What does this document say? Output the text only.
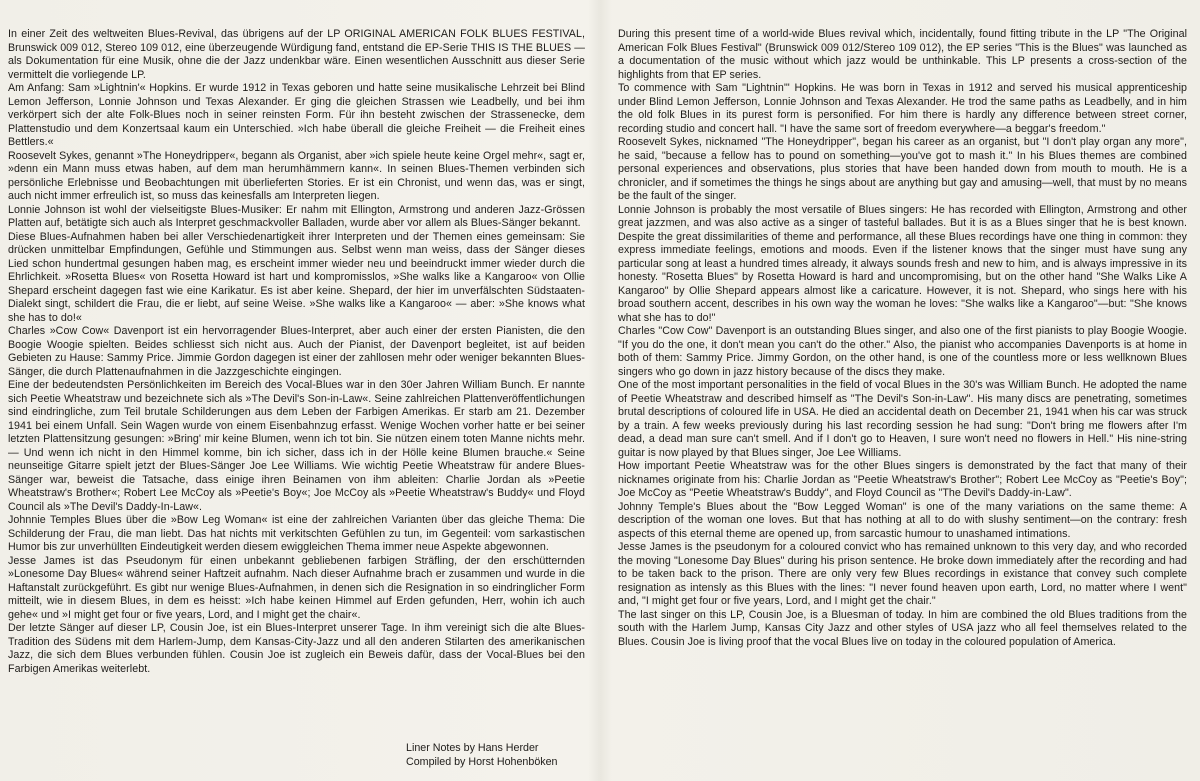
In einer Zeit des weltweiten Blues-Revival, das übrigens auf der LP ORIGINAL AMERICAN FOLK BLUES FESTIVAL, Brunswick 009 012, Stereo 109 012, eine überzeugende Würdigung fand, entstand die EP-Serie THIS IS THE BLUES — als Dokumentation für eine Musik, ohne die der Jazz undenkbar wäre. Einen wesentlichen Ausschnitt aus dieser Serie vermittelt die vorliegende LP.

Am Anfang: Sam »Lightnin'« Hopkins. Er wurde 1912 in Texas geboren und hatte seine musikalische Lehrzeit bei Blind Lemon Jefferson, Lonnie Johnson und Texas Alexander. Er ging die gleichen Strassen wie Leadbelly, und bei ihm verkörpert sich der alte Folk-Blues noch in seiner reinsten Form. Für ihn besteht zwischen der Strassenecke, dem Plattenstudio und dem Konzertsaal kaum ein Unterschied. »Ich habe überall die gleiche Freiheit — die Freiheit eines Bettlers.«

Roosevelt Sykes, genannt »The Honeydripper«, begann als Organist, aber »ich spiele heute keine Orgel mehr«, sagt er, »denn ein Mann muss etwas haben, auf dem man herumhämmern kann«. In seinen Blues-Themen verbinden sich persönliche Erlebnisse und Beobachtungen mit überlieferten Stories. Er ist ein Chronist, und wenn das, was er singt, auch nicht immer erfreulich ist, so muss das keinesfalls am Interpreten liegen.

Lonnie Johnson ist wohl der vielseitigste Blues-Musiker: Er nahm mit Ellington, Armstrong und anderen Jazz-Grössen Platten auf, betätigte sich auch als Interpret geschmackvoller Balladen, wurde aber vor allem als Blues-Sänger bekannt.

Diese Blues-Aufnahmen haben bei aller Verschiedenartigkeit ihrer Interpreten und der Themen eines gemeinsam: Sie drücken unmittelbar Empfindungen, Gefühle und Stimmungen aus. Selbst wenn man weiss, dass der Sänger dieses Lied schon hundertmal gesungen haben mag, es erscheint immer wieder neu und beeindruckt immer wieder durch die Ehrlichkeit. »Rosetta Blues« von Rosetta Howard ist hart und kompromisslos, »She walks like a Kangaroo« von Ollie Shepard erscheint dagegen fast wie eine Karikatur. Es ist aber keine. Shepard, der hier im unverfälschten Südstaaten-Dialekt singt, schildert die Frau, die er liebt, auf seine Weise. »She walks like a Kangaroo« — aber: »She knows what she has to do!«

Charles »Cow Cow« Davenport ist ein hervorragender Blues-Interpret, aber auch einer der ersten Pianisten, die den Boogie Woogie spielten. Beides schliesst sich nicht aus. Auch der Pianist, der Davenport begleitet, ist auf beiden Gebieten zu Hause: Sammy Price. Jimmie Gordon dagegen ist einer der zahllosen mehr oder weniger bekannten Blues-Sänger, die durch Plattenaufnahmen in die Jazzgeschichte eingingen.

Eine der bedeutendsten Persönlichkeiten im Bereich des Vocal-Blues war in den 30er Jahren William Bunch. Er nannte sich Peetie Wheatstraw und bezeichnete sich als »The Devil's Son-in-Law«. Seine zahlreichen Plattenveröffentlichungen sind eindringliche, zum Teil brutale Schilderungen aus dem Leben der Farbigen Amerikas. Er starb am 21. Dezember 1941 bei einem Unfall. Sein Wagen wurde von einem Eisenbahnzug erfasst. Wenige Wochen vorher hatte er bei seiner letzten Plattensitzung gesungen: »Bring' mir keine Blumen, wenn ich tot bin. Sie nützen einem toten Manne nichts mehr. — Und wenn ich nicht in den Himmel komme, bin ich sicher, dass ich in der Hölle keine Blumen brauche.« Seine neunseitige Gitarre spielt jetzt der Blues-Sänger Joe Lee Williams. Wie wichtig Peetie Wheatstraw für andere Blues-Sänger war, beweist die Tatsache, dass einige ihren Beinamen von ihm ableiten: Charlie Jordan als »Peetie Wheatstraw's Brother«; Robert Lee McCoy als »Peetie's Boy«; Joe McCoy als »Peetie Wheatstraw's Buddy« und Floyd Council als »The Devil's Daddy-In-Law«.

Johnnie Temples Blues über die »Bow Leg Woman« ist eine der zahlreichen Varianten über das gleiche Thema: Die Schilderung der Frau, die man liebt. Das hat nichts mit verkitschten Gefühlen zu tun, im Gegenteil: vom sarkastischen Humor bis zur unverhüllten Eindeutigkeit werden diesem ewiggleichen Thema immer neue Aspekte abgewonnen.

Jesse James ist das Pseudonym für einen unbekannt gebliebenen farbigen Sträfling, der den erschütternden »Lonesome Day Blues« während seiner Haftzeit aufnahm. Nach dieser Aufnahme brach er zusammen und wurde in die Haftanstalt zurückgeführt. Es gibt nur wenige Blues-Aufnahmen, in denen sich die Resignation in so eindringlicher Form mitteilt, wie in diesem Blues, in dem es heisst: »Ich habe keinen Himmel auf Erden gefunden, Herr, wohin ich auch gehe« und »I might get four or five years, Lord, and I might get the chair«.

Der letzte Sänger auf dieser LP, Cousin Joe, ist ein Blues-Interpret unserer Tage. In ihm vereinigt sich die alte Blues-Tradition des Südens mit dem Harlem-Jump, dem Kansas-City-Jazz und all den anderen Stilarten des amerikanischen Jazz, die sich dem Blues verbunden fühlen. Cousin Joe ist zugleich ein Beweis dafür, dass der Vocal-Blues bei den Farbigen Amerikas weiterlebt.

Liner Notes by Hans Herder
Compiled by Horst Hohenböken

During this present time of a world-wide Blues revival which, incidentally, found fitting tribute in the LP "The Original American Folk Blues Festival" (Brunswick 009 012/Stereo 109 012), the EP series "This is the Blues" was launched as a documentation of the music without which jazz would be unthinkable. This LP presents a cross-section of the highlights from that EP series.

To commence with Sam "Lightnin'" Hopkins. He was born in Texas in 1912 and served his musical apprenticeship under Blind Lemon Jefferson, Lonnie Johnson and Texas Alexander. He trod the same paths as Leadbelly, and in him the old folk Blues in its purest form is personified. For him there is hardly any difference between street corner, recording studio and concert hall. "I have the same sort of freedom everywhere—a beggar's freedom."

Roosevelt Sykes, nicknamed "The Honeydripper", began his career as an organist, but "I don't play organ any more", he said, "because a fellow has to pound on something—you've got to mash it." In his Blues themes are combined personal experiences and observations, plus stories that have been handed down from mouth to mouth. He is a chronicler, and if sometimes the things he sings about are anything but gay and amusing—well, that must by no means be the fault of the singer.

Lonnie Johnson is probably the most versatile of Blues singers: He has recorded with Ellington, Armstrong and other great jazzmen, and was also active as a singer of tasteful ballades. But it is as a Blues singer that he is best known. Despite the great dissimilarities of theme and performance, all these Blues recordings have one thing in common: they express immediate feelings, emotions and moods. Even if the listener knows that the singer must have sung any particular song at least a hundred times already, it always sounds fresh and new to him, and is always impressive in its honesty. "Rosetta Blues" by Rosetta Howard is hard and uncompromising, but on the other hand "She Walks Like A Kangaroo" by Ollie Shepard appears almost like a caricature. However, it is not. Shepard, who sings here with his broad southern accent, describes in his own way the woman he loves: "She walks like a Kangaroo"—but: "She knows what she has to do!"

Charles "Cow Cow" Davenport is an outstanding Blues singer, and also one of the first pianists to play Boogie Woogie. "If you do the one, it don't mean you can't do the other." Also, the pianist who accompanies Davenports is at home in both of them: Sammy Price. Jimmy Gordon, on the other hand, is one of the countless more or less wellknown Blues singers who go down in jazz history because of the discs they make.

One of the most important personalities in the field of vocal Blues in the 30's was William Bunch. He adopted the name of Peetie Wheatstraw and described himself as "The Devil's Son-in-Law". His many discs are penetrating, sometimes brutal descriptions of coloured life in USA. He died an accidental death on December 21, 1941 when his car was struck by a train. A few weeks previously during his last recording session he had sung: "Don't bring me flowers after I'm dead, a dead man sure can't smell. And if I don't go to Heaven, I sure won't need no flowers in Hell." His nine-string guitar is now played by that Blues singer, Joe Lee Williams.

How important Peetie Wheatstraw was for the other Blues singers is demonstrated by the fact that many of their nicknames originate from his: Charlie Jordan as "Peetie Wheatstraw's Brother"; Robert Lee McCoy as "Peetie's Boy"; Joe McCoy as "Peetie Wheatstraw's Buddy", and Floyd Council as "The Devil's Daddy-in-Law".

Johnny Temple's Blues about the "Bow Legged Woman" is one of the many variations on the same theme: A description of the woman one loves. But that has nothing at all to do with slushy sentiment—on the contrary: fresh aspects of this eternal theme are opened up, from sarcastic humour to unashamed intimations.

Jesse James is the pseudonym for a coloured convict who has remained unknown to this very day, and who recorded the moving "Lonesome Day Blues" during his prison sentence. He broke down immediately after the recording and had to be taken back to the prison. There are only very few Blues recordings in existance that convey such complete resignation as intensly as this Blues with the lines: "I never found heaven upon earth, Lord, no matter where I went" and, "I might get four or five years, Lord, and I might get the chair."

The last singer on this LP, Cousin Joe, is a Bluesman of today. In him are combined the old Blues traditions from the south with the Harlem Jump, Kansas City Jazz and other styles of USA jazz who all feel themselves related to the Blues. Cousin Joe is living proof that the vocal Blues live on today in the coloured population of America.
